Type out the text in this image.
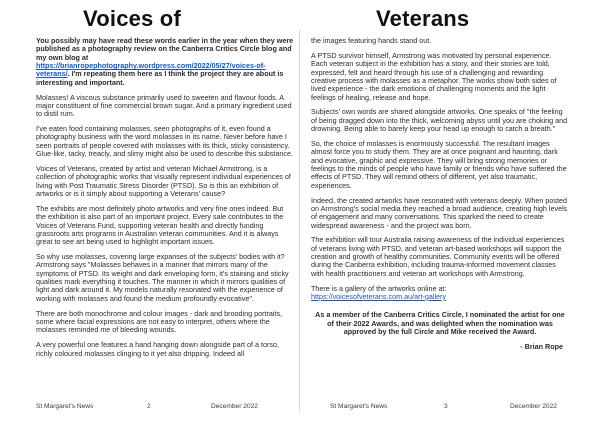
Voices of

You possibly may have read these words earlier in the year when they were published as a photography review on the Canberra Critics Circle blog and my own blog at https://brianropephotography.wordpress.com/2022/05/27/voices-of-veterans/. I'm repeating them here as I think the project they are about is interesting and important.

Molasses! A viscous substance primarily used to sweeten and flavour foods. A major constituent of fine commercial brown sugar. And a primary ingredient used to distil rum.

I've eaten food containing molasses, seen photographs of it, even found a photography business with the word molasses in its name. Never before have I seen portraits of people covered with molasses with its thick, sticky consistency. Glue-like, tacky, treacly, and slimy might also be used to describe this substance.

Voices of Veterans, created by artist and veteran Michael Armstrong, is a collection of photographic works that visually represent individual experiences of living with Post Traumatic Stress Disorder (PTSD). So is this an exhibition of artworks or is it simply about supporting a Veterans' cause?

The exhibits are most definitely photo artworks and very fine ones indeed. But the exhibition is also part of an important project. Every sale contributes to the Voices of Veterans Fund, supporting veteran health and directly funding grassroots arts programs in Australian veteran communities. And it is always great to see art being used to highlight important issues.

So why use molasses, covering large expanses of the subjects' bodies with it? Armstrong says "Molasses behaves in a manner that mirrors many of the symptoms of PTSD. Its weight and dark enveloping form, it's staining and sticky qualities mark everything it touches. The manner in which it mirrors qualities of light and dark around it. My models naturally resonated with the experience of working with molasses and found the medium profoundly evocative".

There are both monochrome and colour images - dark and brooding portraits, some where facial expressions are not easy to interpret, others where the molasses reminded me of bleeding wounds.

A very powerful one features a hand hanging down alongside part of a torso, richly coloured molasses clinging to it yet also dripping. Indeed all

St Margaret's News	2	December 2022
Veterans

the images featuring hands stand out.

A PTSD survivor himself, Armstrong was motivated by personal experience. Each veteran subject in the exhibition has a story, and their stories are told, expressed, felt and heard through his use of a challenging and rewarding creative process with molasses as a metaphor. The works show both sides of lived experience - the dark emotions of challenging moments and the light feelings of healing, release and hope.

Subjects' own words are shared alongside artworks. One speaks of "the feeling of being dragged down into the thick, welcoming abyss until you are choking and drowning. Being able to barely keep your head up enough to catch a breath."

So, the choice of molasses is enormously successful. The resultant images almost force you to study them. They are at once poignant and haunting, dark and evocative, graphic and expressive. They will bring strong memories or feelings to the minds of people who have family or friends who have suffered the effects of PTSD. They will remind others of different, yet also traumatic, experiences.

Indeed, the created artworks have resonated with veterans deeply. When posted on Armstrong's social media they reached a broad audience, creating high levels of engagement and many conversations. This sparked the need to create widespread awareness - and the project was born.

The exhibition will tour Australia raising awareness of the individual experiences of veterans living with PTSD, and veteran art-based workshops will support the creation and growth of healthy communities. Community events will be offered during the Canberra exhibition, including trauma-informed movement classes with health practitioners and veteran art workshops with Armstrong.

There is a gallery of the artworks online at:
https://voicesofveterans.com.au/art-gallery

As a member of the Canberra Critics Circle, I nominated the artist for one of their 2022 Awards, and was delighted when the nomination was approved by the full Circle and Mike received the Award.

- Brian Rope

St Margaret's News	3	December 2022
